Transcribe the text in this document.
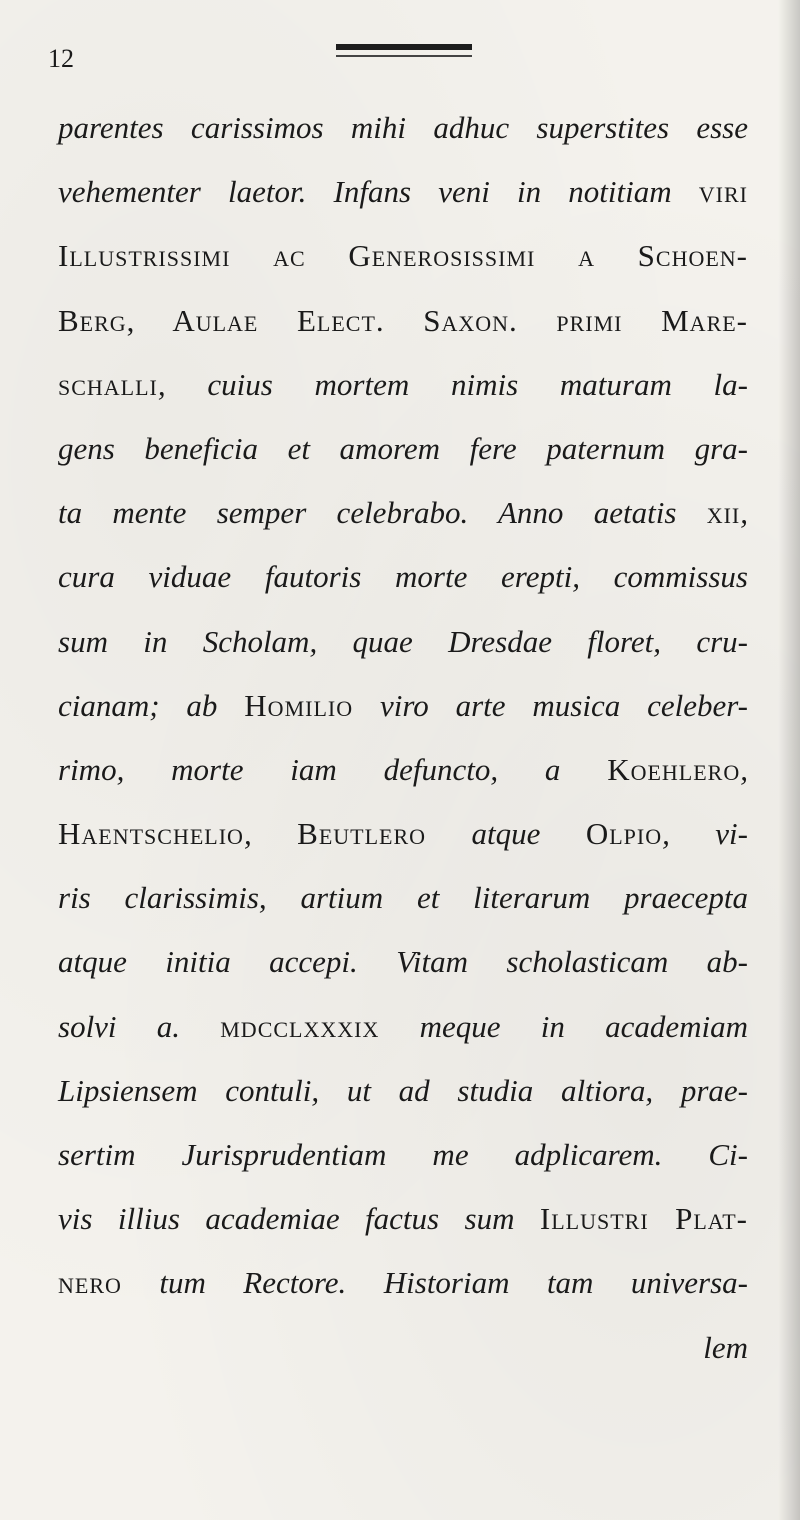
12
parentes carissimos mihi adhuc superstites esse
vehementer laetor. Infans veni in notitiam viri
Illustrissimi ac Generosissimi a Schoen-
Berg, Aulae Elect. Saxon. primi Mare-
schalli, cuius mortem nimis maturam la-
gens beneficia et amorem fere paternum gra-
ta mente semper celebrabo. Anno aetatis xii,
cura viduae fautoris morte erepti, commissus
sum in Scholam, quae Dresdae floret, cru-
cianam; ab Homilio viro arte musica celeber-
rimo, morte iam defuncto, a Koehlero,
Haentschelio, Beutlero atque Olpio, vi-
ris clarissimis, artium et literarum praecepta
atque initia accepi. Vitam scholasticam ab-
solvi a. mdcclxxxix meque in academiam
Lipsiensem contuli, ut ad studia altiora, prae-
sertim Jurisprudentiam me adplicarem. Ci-
vis illius academiae factus sum Illustri Plat-
nero tum Rectore. Historiam tam universa-
lem
